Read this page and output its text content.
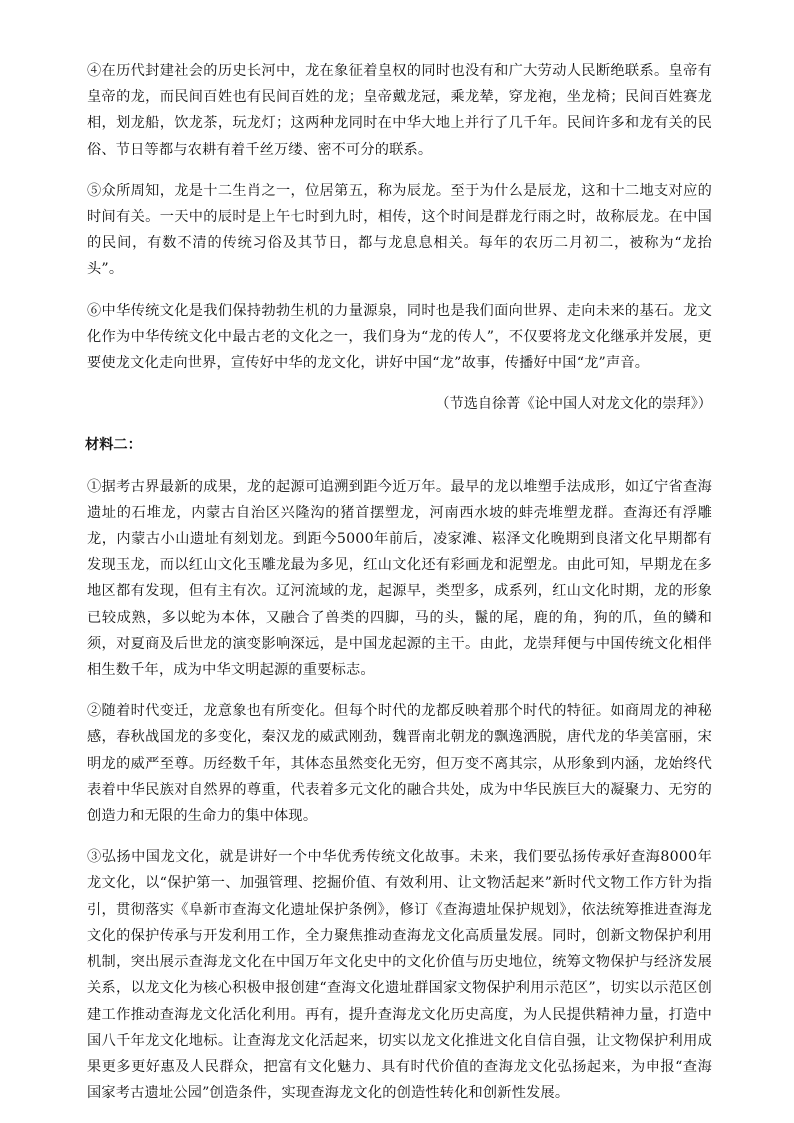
④在历代封建社会的历史长河中，龙在象征着皇权的同时也没有和广大劳动人民断绝联系。皇帝有皇帝的龙，而民间百姓也有民间百姓的龙；皇帝戴龙冠，乘龙辇，穿龙袍，坐龙椅；民间百姓赛龙相，划龙船，饮龙茶，玩龙灯；这两种龙同时在中华大地上并行了几千年。民间许多和龙有关的民俗、节日等都与农耕有着千丝万缕、密不可分的联系。

⑤众所周知，龙是十二生肖之一，位居第五，称为辰龙。至于为什么是辰龙，这和十二地支对应的时间有关。一天中的辰时是上午七时到九时，相传，这个时间是群龙行雨之时，故称辰龙。在中国的民间，有数不清的传统习俗及其节日，都与龙息息相关。每年的农历二月初二，被称为“龙抬头”。

⑥中华传统文化是我们保持勃勃生机的力量源泉，同时也是我们面向世界、走向未来的基石。龙文化作为中华传统文化中最古老的文化之一，我们身为“龙的传人”，不仅要将龙文化继承并发展，更要使龙文化走向世界，宣传好中华的龙文化，讲好中国“龙”故事，传播好中国“龙”声音。

（节选自徐菁《论中国人对龙文化的崇拜》）

材料二：

①据考古界最新的成果，龙的起源可追溯到距今近万年。最早的龙以堆塑手法成形，如辽宁省查海遗址的石堆龙，内蒙古自治区兴隆沟的猪首摆塑龙，河南西水坡的蚌壳堆塑龙群。查海还有浮雕龙，内蒙古小山遗址有刻划龙。到距今5000年前后，凌家滩、崧泽文化晚期到良渚文化早期都有发现玉龙，而以红山文化玉雕龙最为多见，红山文化还有彩画龙和泥塑龙。由此可知，早期龙在多地区都有发现，但有主有次。辽河流域的龙，起源早，类型多，成系列，红山文化时期，龙的形象已较成熟，多以蛇为本体，又融合了兽类的四脚，马的头，鬣的尾，鹿的角，狗的爪，鱼的鳞和须，对夏商及后世龙的演变影响深远，是中国龙起源的主干。由此，龙崇拜便与中国传统文化相伴相生数千年，成为中华文明起源的重要标志。

②随着时代变迁，龙意象也有所变化。但每个时代的龙都反映着那个时代的特征。如商周龙的神秘感，春秋战国龙的多变化，秦汉龙的威武刚劲，魏晋南北朝龙的飘逸洒脱，唐代龙的华美富丽，宋明龙的威严至尊。历经数千年，其体态虽然变化无穷，但万变不离其宗，从形象到内涵，龙始终代表着中华民族对自然界的尊重，代表着多元文化的融合共处，成为中华民族巨大的凝聚力、无穷的创造力和无限的生命力的集中体现。

③弘扬中国龙文化，就是讲好一个中华优秀传统文化故事。未来，我们要弘扬传承好查海8000年龙文化，以“保护第一、加强管理、挖掘价值、有效利用、让文物活起来”新时代文物工作方针为指引，贯彻落实《阜新市查海文化遗址保护条例》，修订《查海遗址保护规划》，依法统筹推进查海龙文化的保护传承与开发利用工作，全力聚焦推动查海龙文化高质量发展。同时，创新文物保护利用机制，突出展示查海龙文化在中国万年文化史中的文化价值与历史地位，统筹文物保护与经济发展关系，以龙文化为核心积极申报创建“查海文化遗址群国家文物保护利用示范区”，切实以示范区创建工作推动查海龙文化活化利用。再有，提升查海龙文化历史高度，为人民提供精神力量，打造中国八千年龙文化地标。让查海龙文化活起来，切实以龙文化推进文化自信自强，让文物保护利用成果更多更好惠及人民群众，把富有文化魅力、具有时代价值的查海龙文化弘扬起来，为申报“查海国家考古遗址公园”创造条件，实现查海龙文化的创造性转化和创新性发展。
